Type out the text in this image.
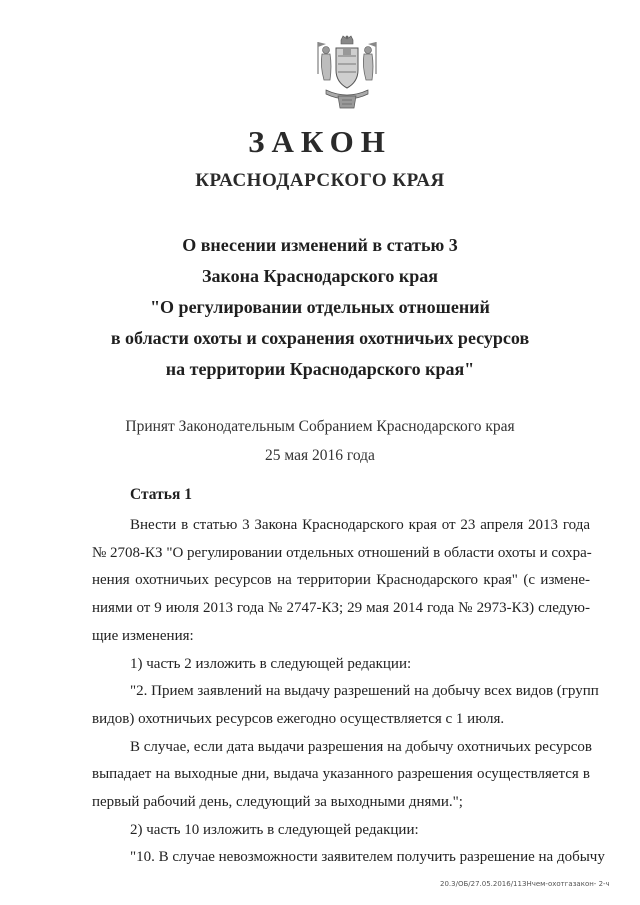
ЗАКОН
КРАСНОДАРСКОГО КРАЯ
О внесении изменений в статью 3
Закона Краснодарского края
"О регулировании отдельных отношений
в области охоты и сохранения охотничьих ресурсов
на территории Краснодарского края"
Принят Законодательным Собранием Краснодарского края
25 мая 2016 года
Статья 1
Внести в статью 3 Закона Краснодарского края от 23 апреля 2013 года
№ 2708-КЗ "О регулировании отдельных отношений в области охоты и сохра-
нения охотничьих ресурсов на территории Краснодарского края" (с измене-
ниями от 9 июля 2013 года № 2747-КЗ; 29 мая 2014 года № 2973-КЗ) следую-
щие изменения:
1) часть 2 изложить в следующей редакции:
"2. Прием заявлений на выдачу разрешений на добычу всех видов (групп
видов) охотничьих ресурсов ежегодно осуществляется с 1 июля.
В случае, если дата выдачи разрешения на добычу охотничьих ресурсов
выпадает на выходные дни, выдача указанного разрешения осуществляется в
первый рабочий день, следующий за выходными днями.";
2) часть 10 изложить в следующей редакции:
"10. В случае невозможности заявителем получить разрешение на добычу
20.3/ОБ/27.05.2016/11ЗНчем-охотгазакон- 2-ч
